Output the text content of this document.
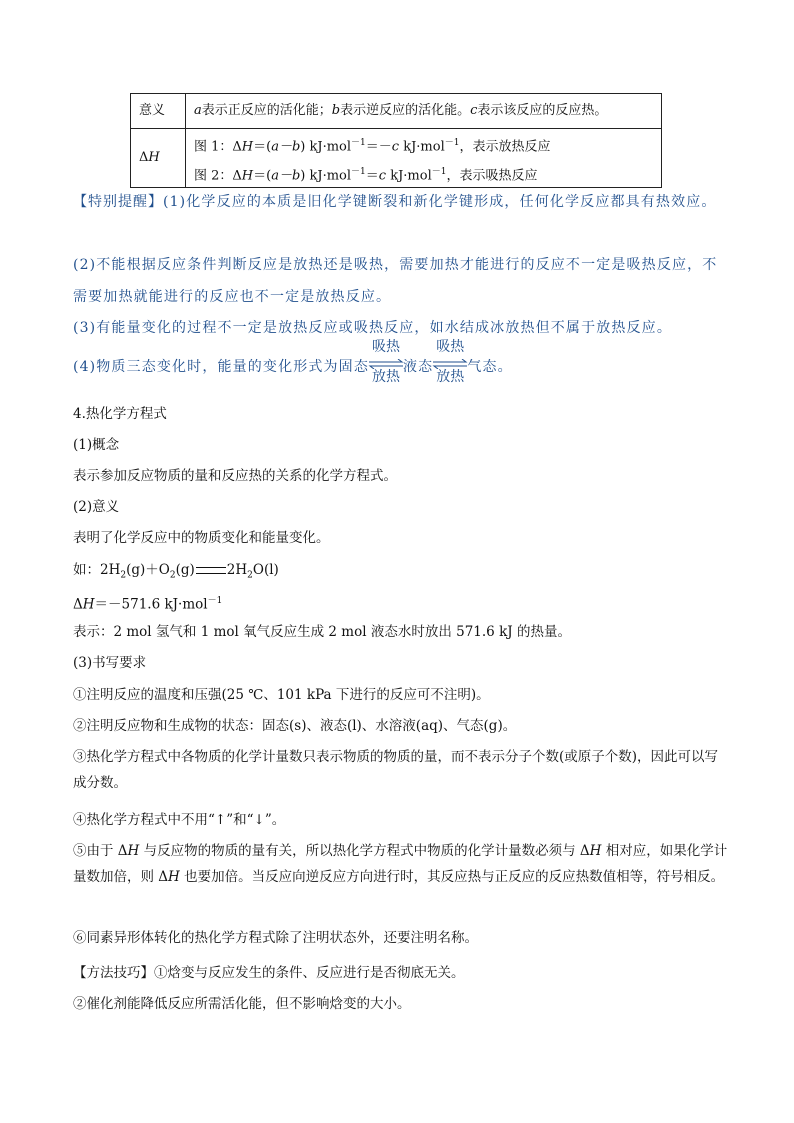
意义	a表示正反应的活化能；b表示逆反应的活化能。c表示该反应的反应热。
ΔH	图 1：ΔH＝(a－b) kJ·mol$^{-1}$＝－c kJ·mol$^{-1}$，表示放热反应
图 2：ΔH＝(a－b) kJ·mol$^{-1}$＝c kJ·mol$^{-1}$，表示吸热反应
【特别提醒】(1)化学反应的本质是旧化学键断裂和新化学键形成，任何化学反应都具有热效应。
(2)不能根据反应条件判断反应是放热还是吸热，需要加热才能进行的反应不一定是吸热反应，不需要加热就能进行的反应也不一定是放热反应。
(3)有能量变化的过程不一定是放热反应或吸热反应，如水结成冰放热但不属于放热反应。
(4)物质三态变化时，能量的变化形式为固态
吸热
放热
液态
吸热
放热
气态。
4.热化学方程式
(1)概念
表示参加反应物质的量和反应热的关系的化学方程式。
(2)意义
表明了化学反应中的物质变化和能量变化。
如：$2H_2(g)+O_2(g)$ $2H_2O(l)$
ΔH＝－571.6 kJ·mol$^{-1}$
表示：2 mol 氢气和 1 mol 氧气反应生成 2 mol 液态水时放出 571.6 kJ 的热量。
(3)书写要求
①注明反应的温度和压强(25 ℃、101 kPa 下进行的反应可不注明)。
②注明反应物和生成物的状态：固态(s)、液态(l)、水溶液(aq)、气态(g)。
③热化学方程式中各物质的化学计量数只表示物质的物质的量，而不表示分子个数(或原子个数)，因此可以写成分数。
④热化学方程式中不用“↑”和“↓”。
⑤由于 ΔH 与反应物的物质的量有关，所以热化学方程式中物质的化学计量数必须与 ΔH 相对应，如果化学计量数加倍，则 ΔH 也要加倍。当反应向逆反应方向进行时，其反应热与正反应的反应热数值相等，符号相反。
⑥同素异形体转化的热化学方程式除了注明状态外，还要注明名称。
【方法技巧】①焓变与反应发生的条件、反应进行是否彻底无关。
②催化剂能降低反应所需活化能，但不影响焓变的大小。
